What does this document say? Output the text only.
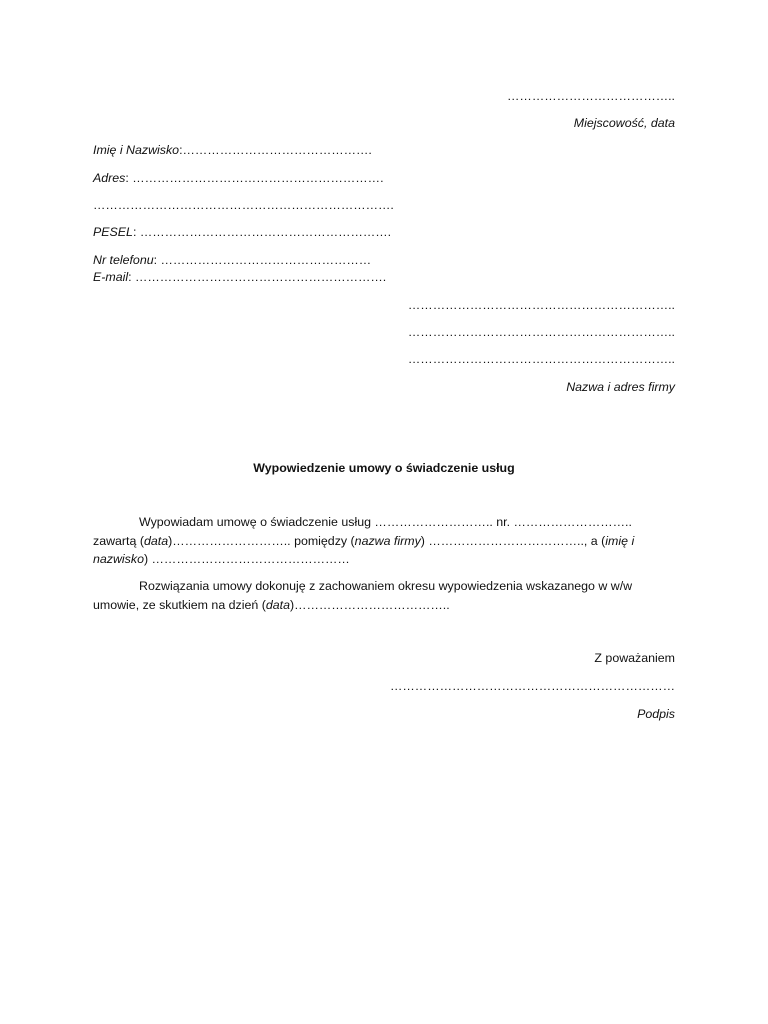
…………………………………..
Miejscowość, data
Imię i Nazwisko:……………………………………….
Adres: …………………………………………………….
……………………………………………………………….
PESEL: …………………………………………………….
Nr telefonu: ……………………………………………
E-mail: …………………………………………………….
………………………………………………………..
………………………………………………………..
………………………………………………………..
Nazwa i adres firmy
Wypowiedzenie umowy o świadczenie usług
Wypowiadam umowę o świadczenie usług ……………………….. nr. ……………………….. zawartą (data)……………………….. pomiędzy (nazwa firmy) ……………………………….., a (imię i nazwisko) …………………………………………
Rozwiązania umowy dokonuję z zachowaniem okresu wypowiedzenia wskazanego w w/w umowie, ze skutkiem na dzień (data)………………………………..
Z poważaniem
……………………………………………………………
Podpis
